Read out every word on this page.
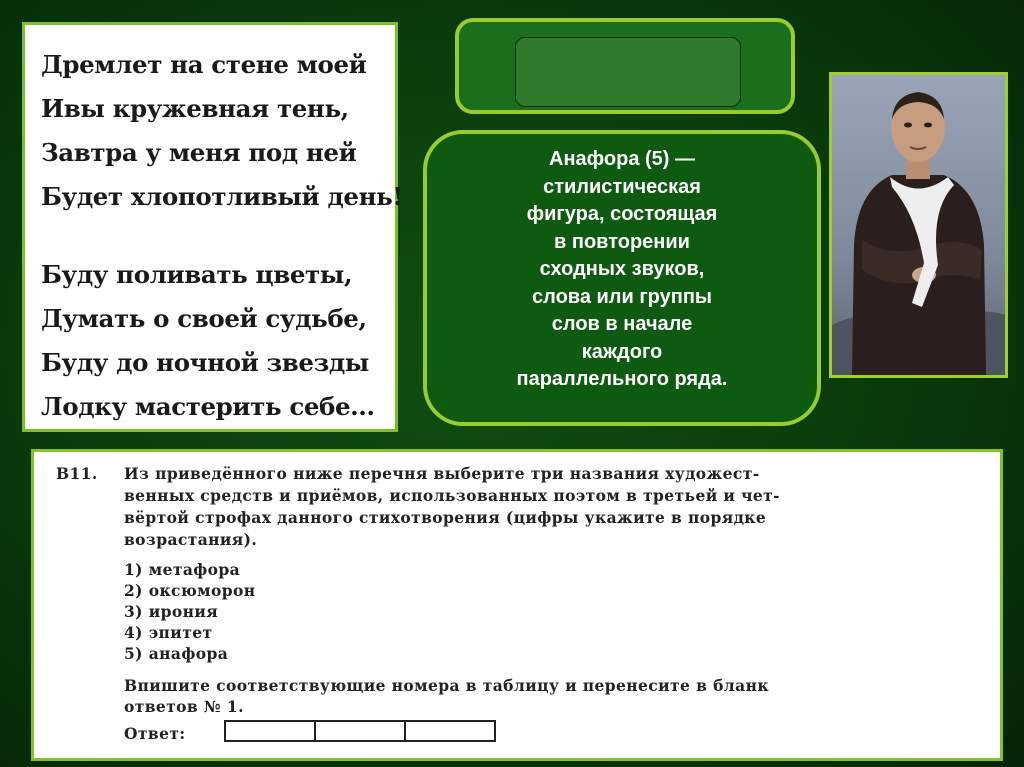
Дремлет на стене моей
Ивы кружевная тень,
Завтра у меня под ней
Будет хлопотливый день!
Буду поливать цветы,
Думать о своей судьбе,
Буду до ночной звезды
Лодку мастерить себе...
Анафора (5) —
стилистическая
фигура, состоящая
в повторении
сходных звуков,
слова или группы
слов в начале
каждого
параллельного ряда.
В11. Из приведённого ниже перечня выберите три названия художест-
венных средств и приёмов, использованных поэтом в третьей и чет-
вёртой строфах данного стихотворения (цифры укажите в порядке
возрастания).
1) метафора
2) оксюморон
3) ирония
4) эпитет
5) анафора
Впишите соответствующие номера в таблицу и перенесите в бланк
ответов № 1.
Ответ:
